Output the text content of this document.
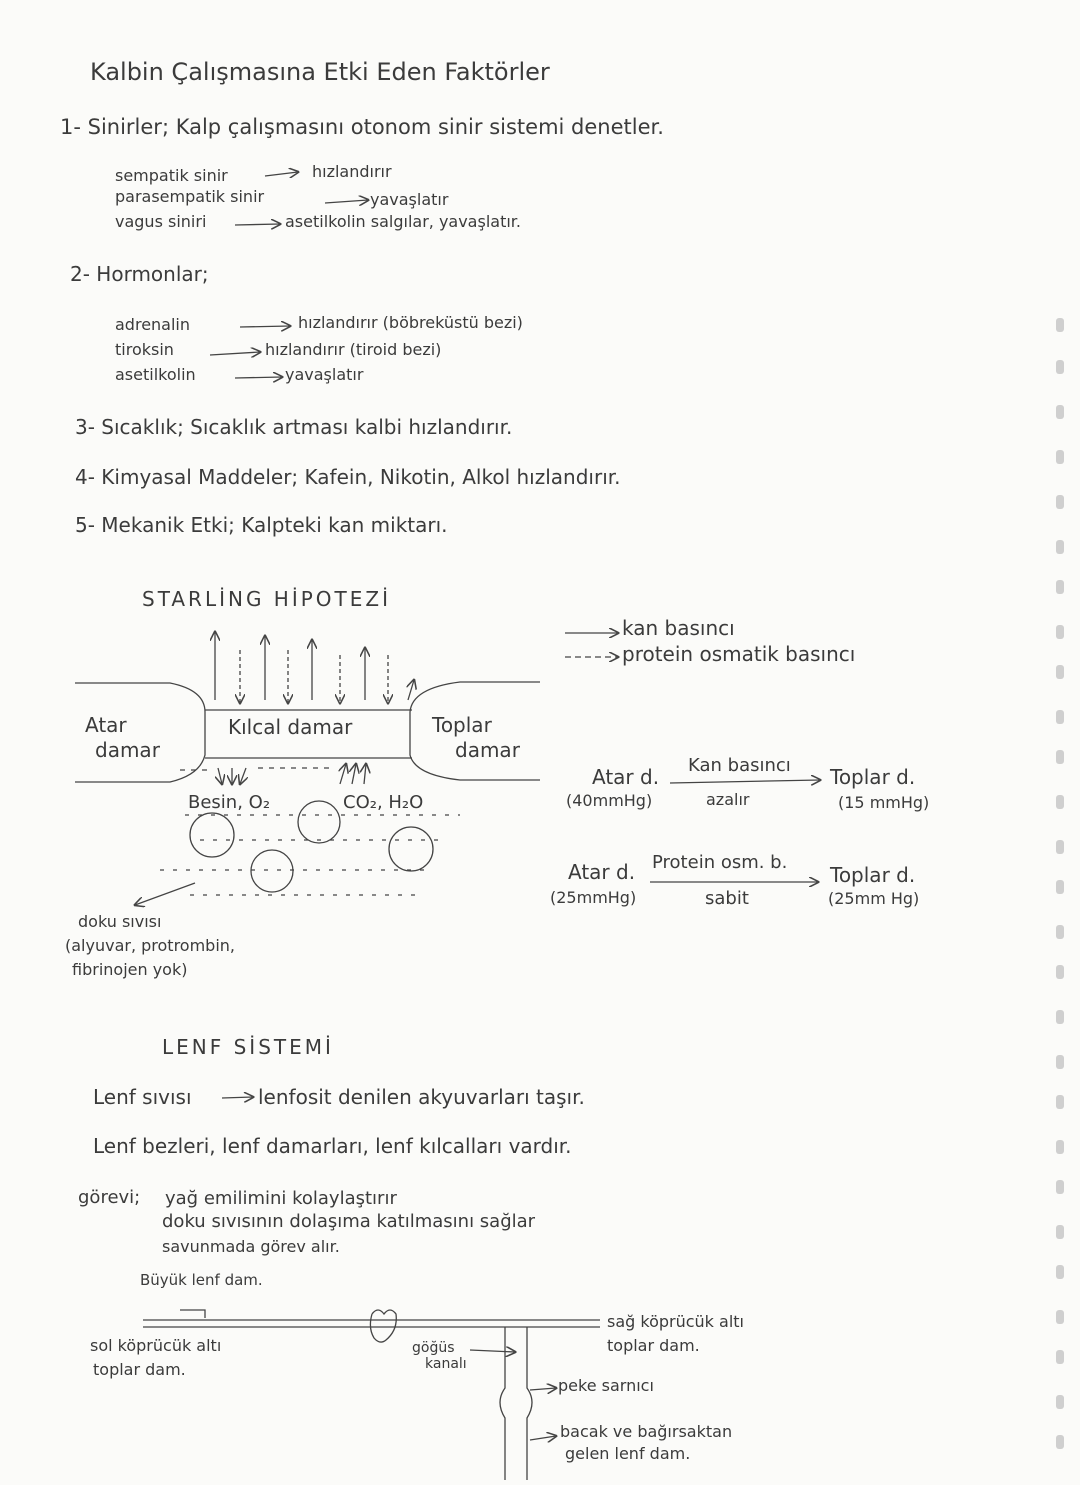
Kalbin Çalışmasına Etki Eden Faktörler
1- Sinirler; Kalp çalışmasını otonom sinir sistemi denetler.
sempatik sinir	hızlandırır
parasempatik sinir	yavaşlatır
vagus siniri	asetilkolin salgılar, yavaşlatır.
2- Hormonlar;
adrenalin	hızlandırır (böbreküstü bezi)
tiroksin	hızlandırır (tiroid bezi)
asetilkolin	yavaşlatır
3- Sıcaklık; Sıcaklık artması kalbi hızlandırır.
4- Kimyasal Maddeler; Kafein, Nikotin, Alkol hızlandırır.
5- Mekanik Etki; Kalpteki kan miktarı.
STARLİNG HİPOTEZİ
kan basıncı
protein osmatik basıncı
Atar
damar
Kılcal damar	Toplar
damar
Besin, O₂	CO₂, H₂O
doku sıvısı
(alyuvar, protrombin,
fibrinojen yok)
Atar d.
(40mmHg)
Kan basıncı
azalır
Toplar d.
(15 mmHg)
Atar d.
(25mmHg)
Protein osm. b.
sabit
Toplar d.
(25mm Hg)
LENF SİSTEMİ
Lenf sıvısı	lenfosit denilen akyuvarları taşır.
Lenf bezleri, lenf damarları, lenf kılcalları vardır.
görevi; yağ emilimini kolaylaştırır
doku sıvısının dolaşıma katılmasını sağlar
savunmada görev alır.
Büyük lenf dam.
sol köprücük altı
toplar dam.
göğüs
kanalı
sağ köprücük altı
toplar dam.
peke sarnıcı
bacak ve bağırsaktan
gelen lenf dam.
